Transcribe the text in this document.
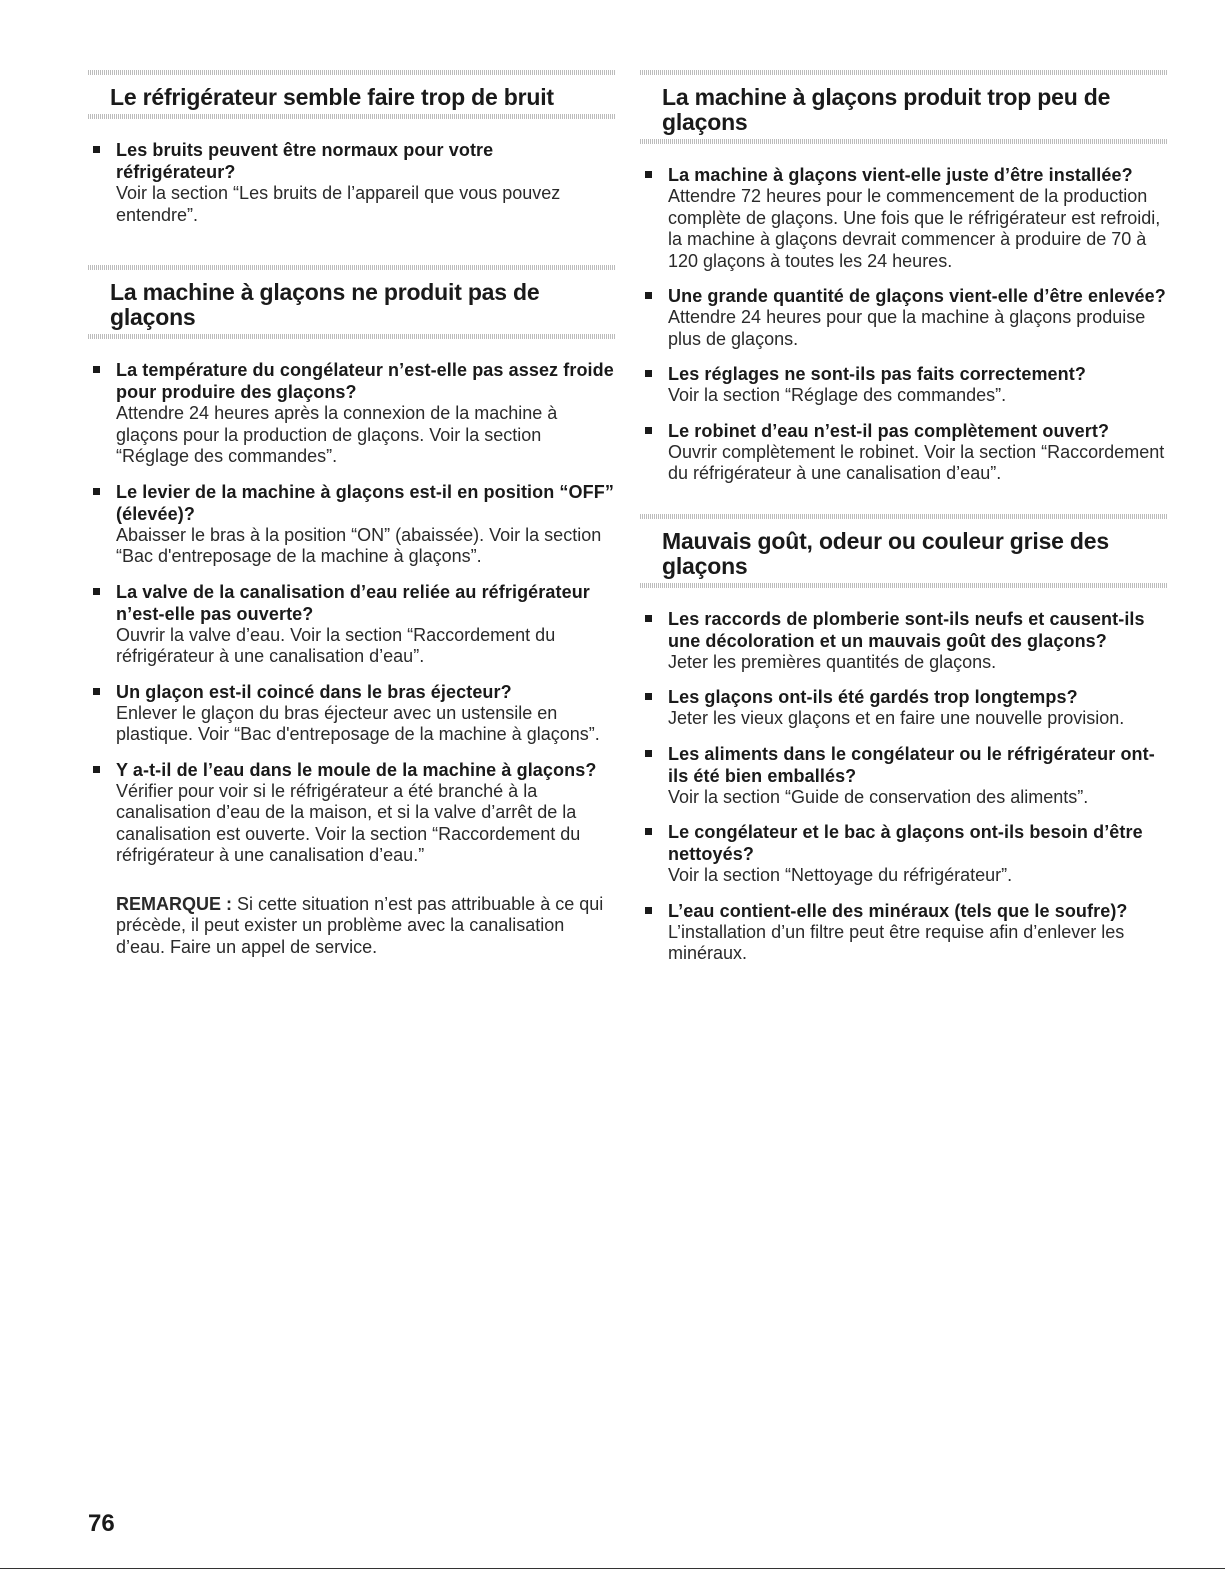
Le réfrigérateur semble faire trop de bruit
Les bruits peuvent être normaux pour votre réfrigérateur?
Voir la section “Les bruits de l’appareil que vous pouvez entendre”.
La machine à glaçons ne produit pas de glaçons
La température du congélateur n’est-elle pas assez froide pour produire des glaçons?
Attendre 24 heures après la connexion de la machine à glaçons pour la production de glaçons. Voir la section “Réglage des commandes”.
Le levier de la machine à glaçons est-il en position “OFF” (élevée)?
Abaisser le bras à la position “ON” (abaissée). Voir la section “Bac d'entreposage de la machine à glaçons”.
La valve de la canalisation d’eau reliée au réfrigérateur n’est-elle pas ouverte?
Ouvrir la valve d’eau. Voir la section “Raccordement du réfrigérateur à une canalisation d’eau”.
Un glaçon est-il coincé dans le bras éjecteur?
Enlever le glaçon du bras éjecteur avec un ustensile en plastique. Voir “Bac d'entreposage de la machine à glaçons”.
Y a-t-il de l’eau dans le moule de la machine à glaçons?
Vérifier pour voir si le réfrigérateur a été branché à la canalisation d’eau de la maison, et si la valve d’arrêt de la canalisation est ouverte. Voir la section “Raccordement du réfrigérateur à une canalisation d’eau.”
REMARQUE : Si cette situation n’est pas attribuable à ce qui précède, il peut exister un problème avec la canalisation d’eau. Faire un appel de service.
La machine à glaçons produit trop peu de glaçons
La machine à glaçons vient-elle juste d’être installée?
Attendre 72 heures pour le commencement de la production complète de glaçons. Une fois que le réfrigérateur est refroidi, la machine à glaçons devrait commencer à produire de 70 à 120 glaçons à toutes les 24 heures.
Une grande quantité de glaçons vient-elle d’être enlevée?
Attendre 24 heures pour que la machine à glaçons produise plus de glaçons.
Les réglages ne sont-ils pas faits correctement?
Voir la section “Réglage des commandes”.
Le robinet d’eau n’est-il pas complètement ouvert?
Ouvrir complètement le robinet. Voir la section “Raccordement du réfrigérateur à une canalisation d’eau”.
Mauvais goût, odeur ou couleur grise des glaçons
Les raccords de plomberie sont-ils neufs et causent-ils une décoloration et un mauvais goût des glaçons?
Jeter les premières quantités de glaçons.
Les glaçons ont-ils été gardés trop longtemps?
Jeter les vieux glaçons et en faire une nouvelle provision.
Les aliments dans le congélateur ou le réfrigérateur ont-ils été bien emballés?
Voir la section “Guide de conservation des aliments”.
Le congélateur et le bac à glaçons ont-ils besoin d’être nettoyés?
Voir la section “Nettoyage du réfrigérateur”.
L’eau contient-elle des minéraux (tels que le soufre)?
L’installation d’un filtre peut être requise afin d’enlever les minéraux.
76
